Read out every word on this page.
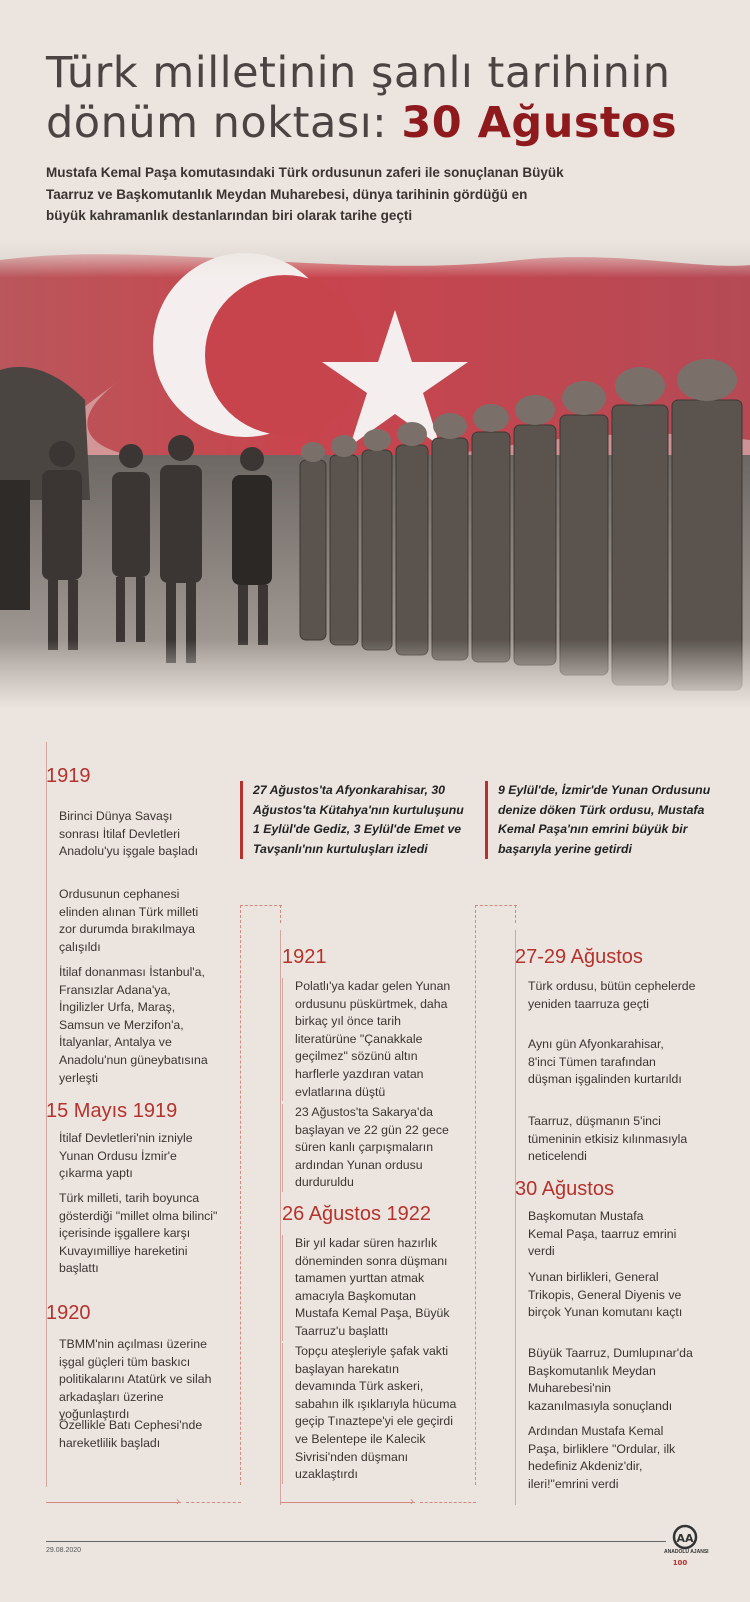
Türk milletinin şanlı tarihinin
dönüm noktası: 30 Ağustos

Mustafa Kemal Paşa komutasındaki Türk ordusunun zaferi ile sonuçlanan Büyük Taarruz ve Başkomutanlık Meydan Muharebesi, dünya tarihinin gördüğü en büyük kahramanlık destanlarından biri olarak tarihe geçti

1919

Birinci Dünya Savaşı sonrası İtilaf Devletleri Anadolu'yu işgale başladı

Ordusunun cephanesi elinden alınan Türk milleti zor durumda bırakılmaya çalışıldı

İtilaf donanması İstanbul'a, Fransızlar Adana'ya, İngilizler Urfa, Maraş, Samsun ve Merzifon'a, İtalyanlar, Antalya ve Anadolu'nun güneybatısına yerleşti

15 Mayıs 1919

İtilaf Devletleri'nin izniyle Yunan Ordusu İzmir'e çıkarma yaptı

Türk milleti, tarih boyunca gösterdiği "millet olma bilinci" içerisinde işgallere karşı Kuvayımilliye hareketini başlattı

1920

TBMM'nin açılması üzerine işgal güçleri tüm baskıcı politikalarını Atatürk ve silah arkadaşları üzerine yoğunlaştırdı

Özellikle Batı Cephesi'nde hareketlilik başladı

›

27 Ağustos'ta Afyonkarahisar, 30 Ağustos'ta Kütahya'nın kurtuluşunu 1 Eylül'de Gediz, 3 Eylül'de Emet ve Tavşanlı'nın kurtuluşları izledi

9 Eylül'de, İzmir'de Yunan Ordusunu denize döken Türk ordusu, Mustafa Kemal Paşa'nın emrini büyük bir başarıyla yerine getirdi

1921

Polatlı'ya kadar gelen Yunan ordusunu püskürtmek, daha birkaç yıl önce tarih literatürüne "Çanakkale geçilmez" sözünü altın harflerle yazdıran vatan evlatlarına düştü

23 Ağustos'ta Sakarya'da başlayan ve 22 gün 22 gece süren kanlı çarpışmaların ardından Yunan ordusu durduruldu

26 Ağustos 1922

Bir yıl kadar süren hazırlık döneminden sonra düşmanı tamamen yurttan atmak amacıyla Başkomutan Mustafa Kemal Paşa, Büyük Taarruz'u başlattı

Topçu ateşleriyle şafak vakti başlayan harekatın devamında Türk askeri, sabahın ilk ışıklarıyla hücuma geçip Tınaztepe'yi ele geçirdi ve Belentepe ile Kalecik Sivrisi'nden düşmanı uzaklaştırdı

›
27-29 Ağustos

Türk ordusu, bütün cephelerde yeniden taarruza geçti

Aynı gün Afyonkarahisar, 8'inci Tümen tarafından düşman işgalinden kurtarıldı

Taarruz, düşmanın 5'inci tümeninin etkisiz kılınmasıyla neticelendi

30 Ağustos

Başkomutan Mustafa Kemal Paşa, taarruz emrini verdi

Yunan birlikleri, General Trikopis, General Diyenis ve birçok Yunan komutanı kaçtı

Büyük Taarruz, Dumlupınar'da Başkomutanlık Meydan Muharebesi'nin kazanılmasıyla sonuçlandı

Ardından Mustafa Kemal Paşa, birliklere "Ordular, ilk hedefiniz Akdeniz'dir, ileri!"emrini verdi

29.08.2020
AA
100
ANADOLU AJANSI
